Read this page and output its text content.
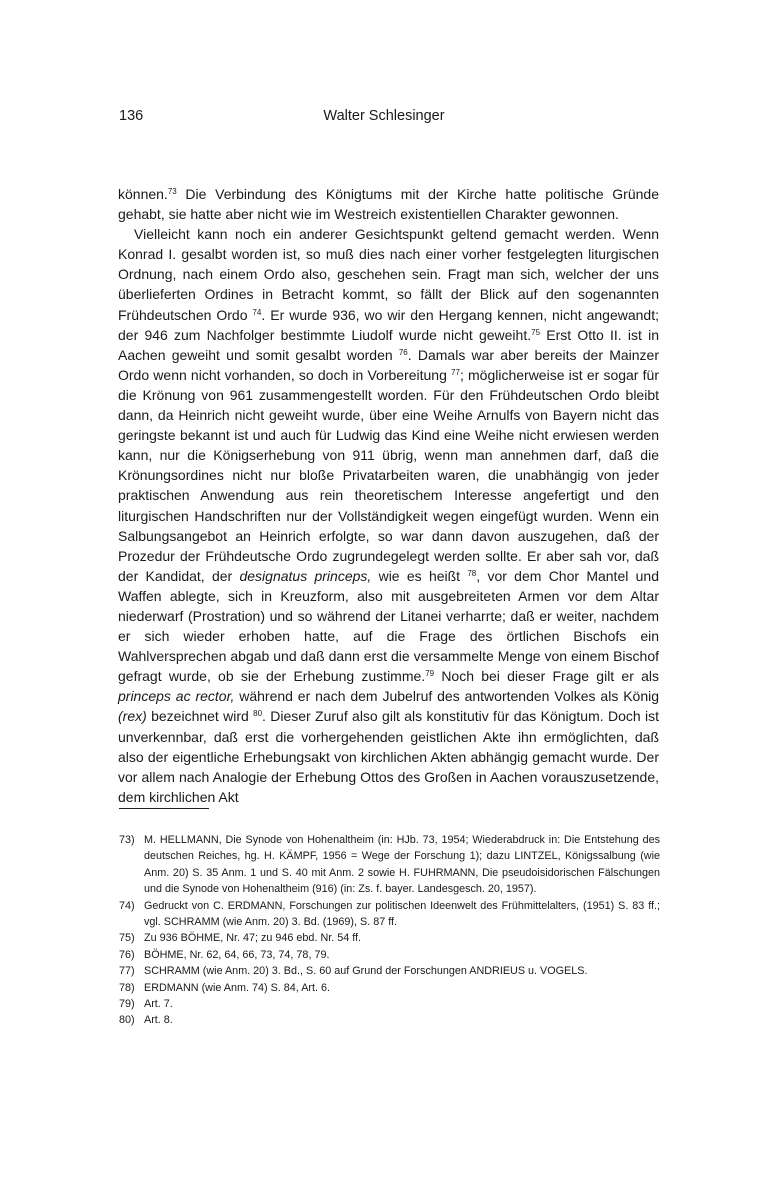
136	Walter Schlesinger

können.$^{73}$ Die Verbindung des Königtums mit der Kirche hatte politische Gründe gehabt, sie hatte aber nicht wie im Westreich existentiellen Charakter gewonnen.

Vielleicht kann noch ein anderer Gesichtspunkt geltend gemacht werden. Wenn Konrad I. gesalbt worden ist, so muß dies nach einer vorher festgelegten liturgischen Ordnung, nach einem Ordo also, geschehen sein. Fragt man sich, welcher der uns überlieferten Ordines in Betracht kommt, so fällt der Blick auf den sogenannten Frühdeutschen Ordo $^{74}$. Er wurde 936, wo wir den Hergang kennen, nicht angewandt; der 946 zum Nachfolger bestimmte Liudolf wurde nicht geweiht.$^{75}$ Erst Otto II. ist in Aachen geweiht und somit gesalbt worden $^{76}$. Damals war aber bereits der Mainzer Ordo wenn nicht vorhanden, so doch in Vorbereitung $^{77}$; möglicherweise ist er sogar für die Krönung von 961 zusammengestellt worden. Für den Frühdeutschen Ordo bleibt dann, da Heinrich nicht geweiht wurde, über eine Weihe Arnulfs von Bayern nicht das geringste bekannt ist und auch für Ludwig das Kind eine Weihe nicht erwiesen werden kann, nur die Königserhebung von 911 übrig, wenn man annehmen darf, daß die Krönungsordines nicht nur bloße Privatarbeiten waren, die unabhängig von jeder praktischen Anwendung aus rein theoretischem Interesse angefertigt und den liturgischen Handschriften nur der Vollständigkeit wegen eingefügt wurden. Wenn ein Salbungsangebot an Heinrich erfolgte, so war dann davon auszugehen, daß der Prozedur der Frühdeutsche Ordo zugrundegelegt werden sollte. Er aber sah vor, daß der Kandidat, der designatus princeps, wie es heißt $^{78}$, vor dem Chor Mantel und Waffen ablegte, sich in Kreuzform, also mit ausgebreiteten Armen vor dem Altar niederwarf (Prostration) und so während der Litanei verharrte; daß er weiter, nachdem er sich wieder erhoben hatte, auf die Frage des örtlichen Bischofs ein Wahlversprechen abgab und daß dann erst die versammelte Menge von einem Bischof gefragt wurde, ob sie der Erhebung zustimme.$^{79}$ Noch bei dieser Frage gilt er als princeps ac rector, während er nach dem Jubelruf des antwortenden Volkes als König (rex) bezeichnet wird $^{80}$. Dieser Zuruf also gilt als konstitutiv für das Königtum. Doch ist unverkennbar, daß erst die vorhergehenden geistlichen Akte ihn ermöglichten, daß also der eigentliche Erhebungsakt von kirchlichen Akten abhängig gemacht wurde. Der vor allem nach Analogie der Erhebung Ottos des Großen in Aachen vorauszusetzende, dem kirchlichen Akt

73) M. HELLMANN, Die Synode von Hohenaltheim (in: HJb. 73, 1954; Wiederabdruck in: Die Entstehung des deutschen Reiches, hg. H. KÄMPF, 1956 = Wege der Forschung 1); dazu LINTZEL, Königssalbung (wie Anm. 20) S. 35 Anm. 1 und S. 40 mit Anm. 2 sowie H. FUHRMANN, Die pseudoisidorischen Fälschungen und die Synode von Hohenaltheim (916) (in: Zs. f. bayer. Landesgesch. 20, 1957).
74) Gedruckt von C. ERDMANN, Forschungen zur politischen Ideenwelt des Frühmittelalters, (1951) S. 83 ff.; vgl. SCHRAMM (wie Anm. 20) 3. Bd. (1969), S. 87 ff.
75) Zu 936 BÖHME, Nr. 47; zu 946 ebd. Nr. 54 ff.
76) BÖHME, Nr. 62, 64, 66, 73, 74, 78, 79.
77) SCHRAMM (wie Anm. 20) 3. Bd., S. 60 auf Grund der Forschungen ANDRIEUS u. VOGELS.
78) ERDMANN (wie Anm. 74) S. 84, Art. 6.
79) Art. 7.
80) Art. 8.
